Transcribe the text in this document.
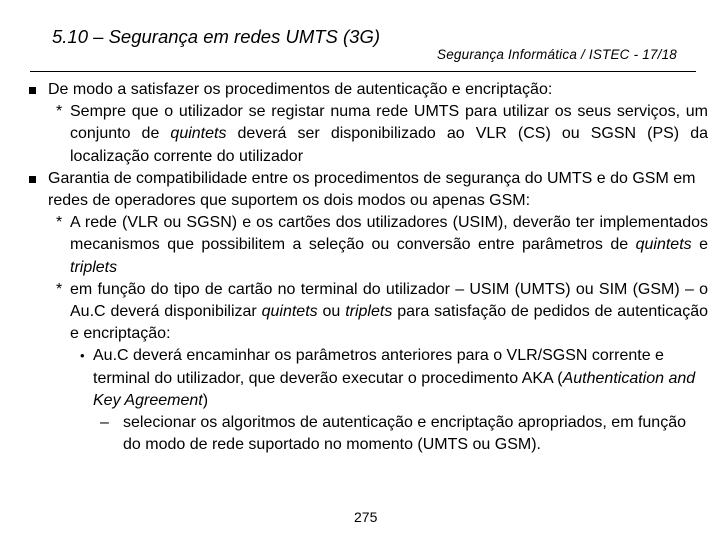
5.10 – Segurança em redes UMTS (3G)
Segurança Informática / ISTEC - 17/18
De modo a satisfazer os procedimentos de autenticação e encriptação:
* Sempre que o utilizador se registar numa rede UMTS para utilizar os seus serviços, um conjunto de quintets deverá ser disponibilizado ao VLR (CS) ou SGSN (PS) da localização corrente do utilizador
Garantia de compatibilidade entre os procedimentos de segurança do UMTS e do GSM em redes de operadores que suportem os dois modos ou apenas GSM:
* A rede (VLR ou SGSN) e os cartões dos utilizadores (USIM), deverão ter implementados mecanismos que possibilitem a seleção ou conversão entre parâmetros de quintets e triplets
* em função do tipo de cartão no terminal do utilizador – USIM (UMTS) ou SIM (GSM) – o Au.C deverá disponibilizar quintets ou triplets para satisfação de pedidos de autenticação e encriptação:
• Au.C deverá encaminhar os parâmetros anteriores para o VLR/SGSN corrente e terminal do utilizador, que deverão executar o procedimento AKA (Authentication and Key Agreement)
– selecionar os algoritmos de autenticação e encriptação apropriados, em função do modo de rede suportado no momento (UMTS ou GSM).
275
